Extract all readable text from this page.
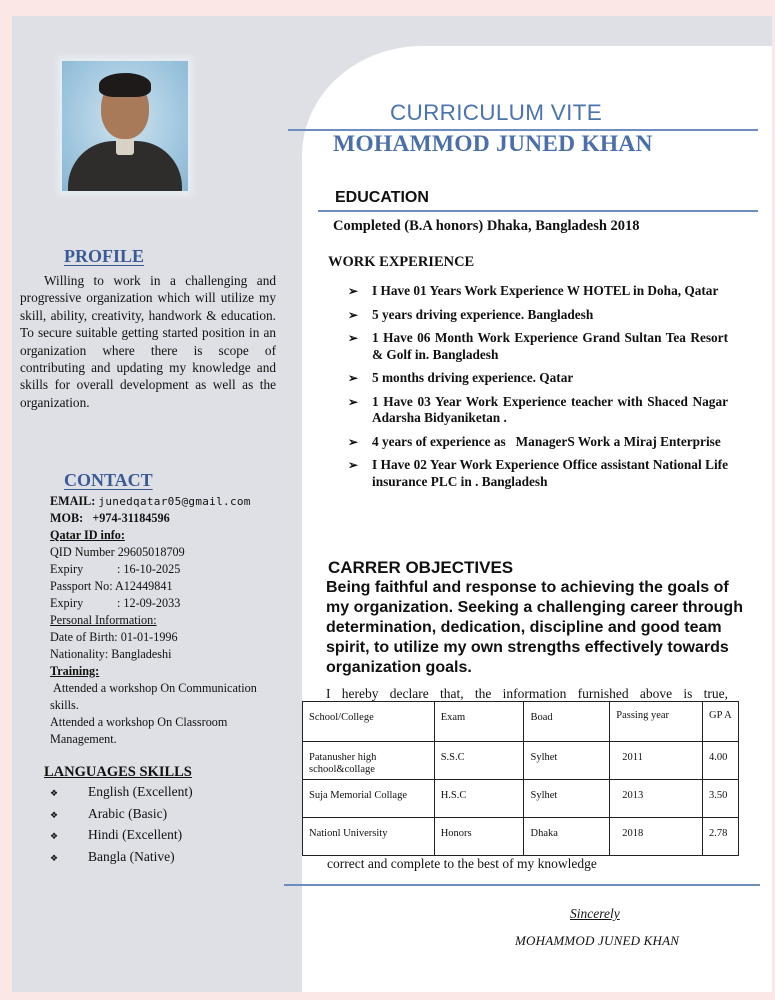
PROFILE

Willing to work in a challenging and progressive organization which will utilize my skill, ability, creativity, handwork & education. To secure suitable getting started position in an organization where there is scope of contributing and updating my knowledge and skills for overall development as well as the organization.

CONTACT
EMAIL: junedqatar05@gmail.com
MOB: +974-31184596
Qatar ID info:
QID Number 29605018709
Expiry	: 16-10-2025
Passport No: A12449841
Expiry	: 12-09-2033
Personal Information:
Date of Birth: 01-01-1996
Nationality: Bangladeshi
Training:
Attended a workshop On Communication skills.
Attended a workshop On Classroom Management.
LANGUAGES SKILLS
❖	English (Excellent)
❖	Arabic (Basic)
❖	Hindi (Excellent)
❖	Bangla (Native)
CURRICULUM VITE
MOHAMMOD JUNED KHAN
EDUCATION
Completed (B.A honors) Dhaka, Bangladesh 2018
WORK EXPERIENCE
➢	I Have 01 Years Work Experience W HOTEL in Doha, Qatar
➢	5 years driving experience. Bangladesh
➢	1 Have 06 Month Work Experience Grand Sultan Tea Resort & Golf in. Bangladesh
➢	5 months driving experience. Qatar
➢	1 Have 03 Year Work Experience teacher with Shaced Nagar Adarsha Bidyaniketan .
➢	4 years of experience as   ManagerS Work a Miraj Enterprise
➢	I Have 02 Year Work Experience Office assistant National Life insurance PLC in . Bangladesh
CARRER OBJECTIVES

Being faithful and response to achieving the goals of my organization. Seeking a challenging career through determination, dedication, discipline and good team spirit, to utilize my own strengths effectively towards organization goals.

I hereby declare that, the information furnished above is true,
School/College	Exam	Boad	Passing year	GP A
Patanusher high school&collage	S.S.C	Sylhet	2011	4.00
Suja Memorial Collage	H.S.C	Sylhet	2013	3.50
Nationl University	Honors	Dhaka	2018	2.78
correct and complete to the best of my knowledge
Sincerely
MOHAMMOD JUNED KHAN
